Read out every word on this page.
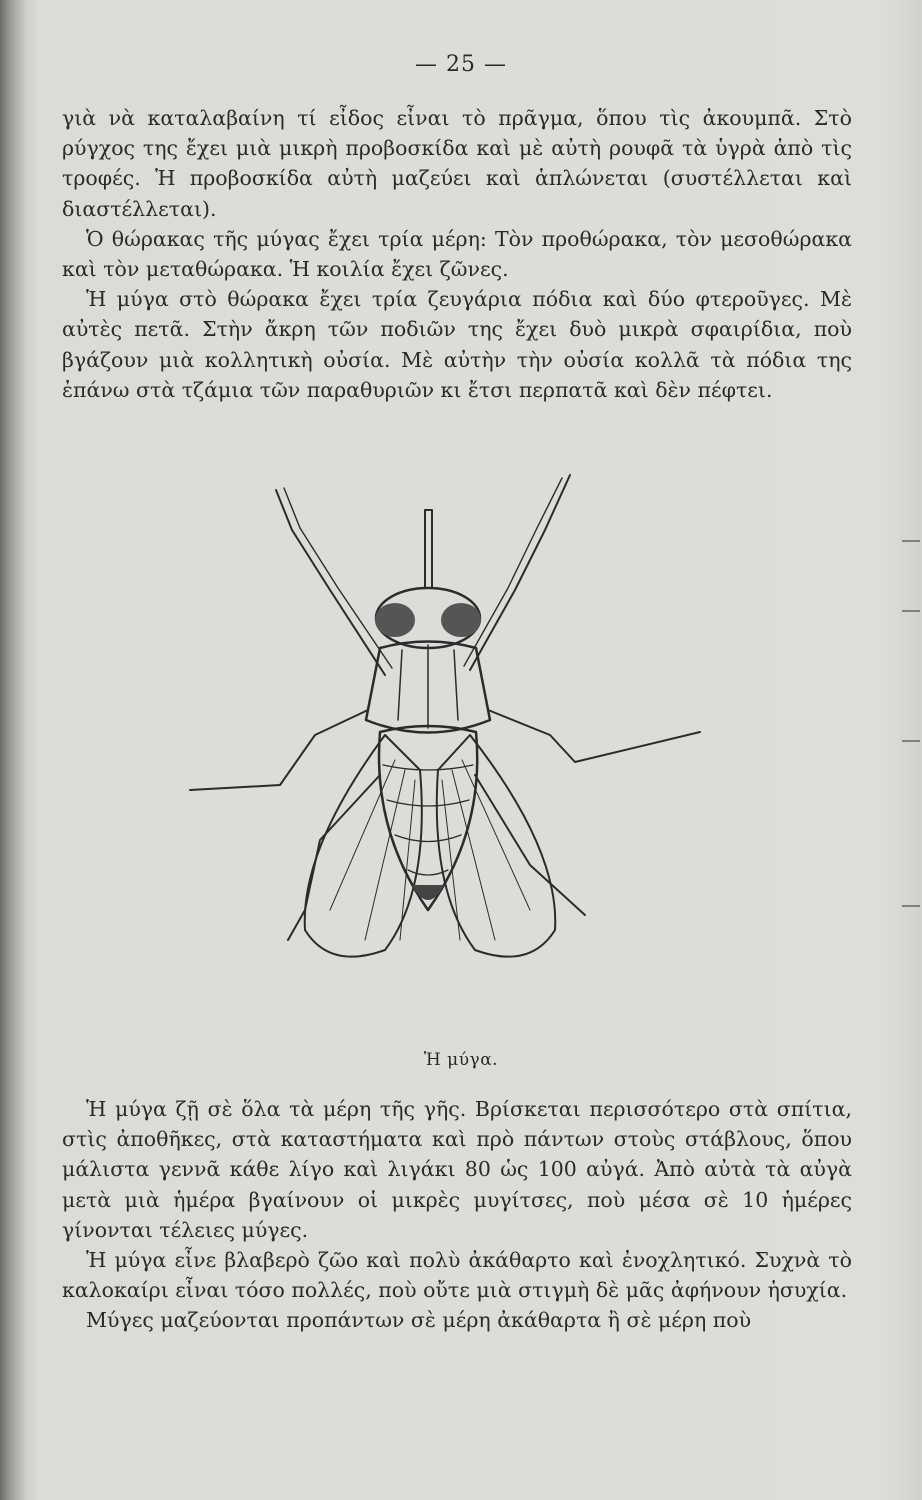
— 25 —

γιὰ νὰ καταλαβαίνη τί εἶδος εἶναι τὸ πρᾶγμα, ὅπου τὶς ἀκουμπᾶ. Στὸ ρύγχος της ἔχει μιὰ μικρὴ προβοσκίδα καὶ μὲ αὐτὴ ρουφᾶ τὰ ὑγρὰ ἀπὸ τὶς τροφές. Ἡ προβοσκίδα αὐτὴ μαζεύει καὶ ἁπλώνεται (συστέλλεται καὶ διαστέλλεται).

Ὁ θώρακας τῆς μύγας ἔχει τρία μέρη: Τὸν προθώρακα, τὸν μεσοθώρακα καὶ τὸν μεταθώρακα. Ἡ κοιλία ἔχει ζῶνες.

Ἡ μύγα στὸ θώρακα ἔχει τρία ζευγάρια πόδια καὶ δύο φτεροῦγες. Μὲ αὐτὲς πετᾶ. Στὴν ἄκρη τῶν ποδιῶν της ἔχει δυὸ μικρὰ σφαιρίδια, ποὺ βγάζουν μιὰ κολλητικὴ οὐσία. Μὲ αὐτὴν τὴν οὐσία κολλᾶ τὰ πόδια της ἐπάνω στὰ τζάμια τῶν παραθυριῶν κι ἔτσι περπατᾶ καὶ δὲν πέφτει.

Ἡ μύγα.

Ἡ μύγα ζῇ σὲ ὅλα τὰ μέρη τῆς γῆς. Βρίσκεται περισσότερο στὰ σπίτια, στὶς ἀποθῆκες, στὰ καταστήματα καὶ πρὸ πάντων στοὺς στάβλους, ὅπου μάλιστα γεννᾶ κάθε λίγο καὶ λιγάκι 80 ὡς 100 αὐγά. Ἀπὸ αὐτὰ τὰ αὐγὰ μετὰ μιὰ ἡμέρα βγαίνουν οἱ μικρὲς μυγίτσες, ποὺ μέσα σὲ 10 ἡμέρες γίνονται τέλειες μύγες.

Ἡ μύγα εἶνε βλαβερὸ ζῶο καὶ πολὺ ἀκάθαρτο καὶ ἐνοχλητικό. Συχνὰ τὸ καλοκαίρι εἶναι τόσο πολλές, ποὺ οὔτε μιὰ στιγμὴ δὲ μᾶς ἀφήνουν ἡσυχία.

Μύγες μαζεύονται προπάντων σὲ μέρη ἀκάθαρτα ἢ σὲ μέρη ποὺ
